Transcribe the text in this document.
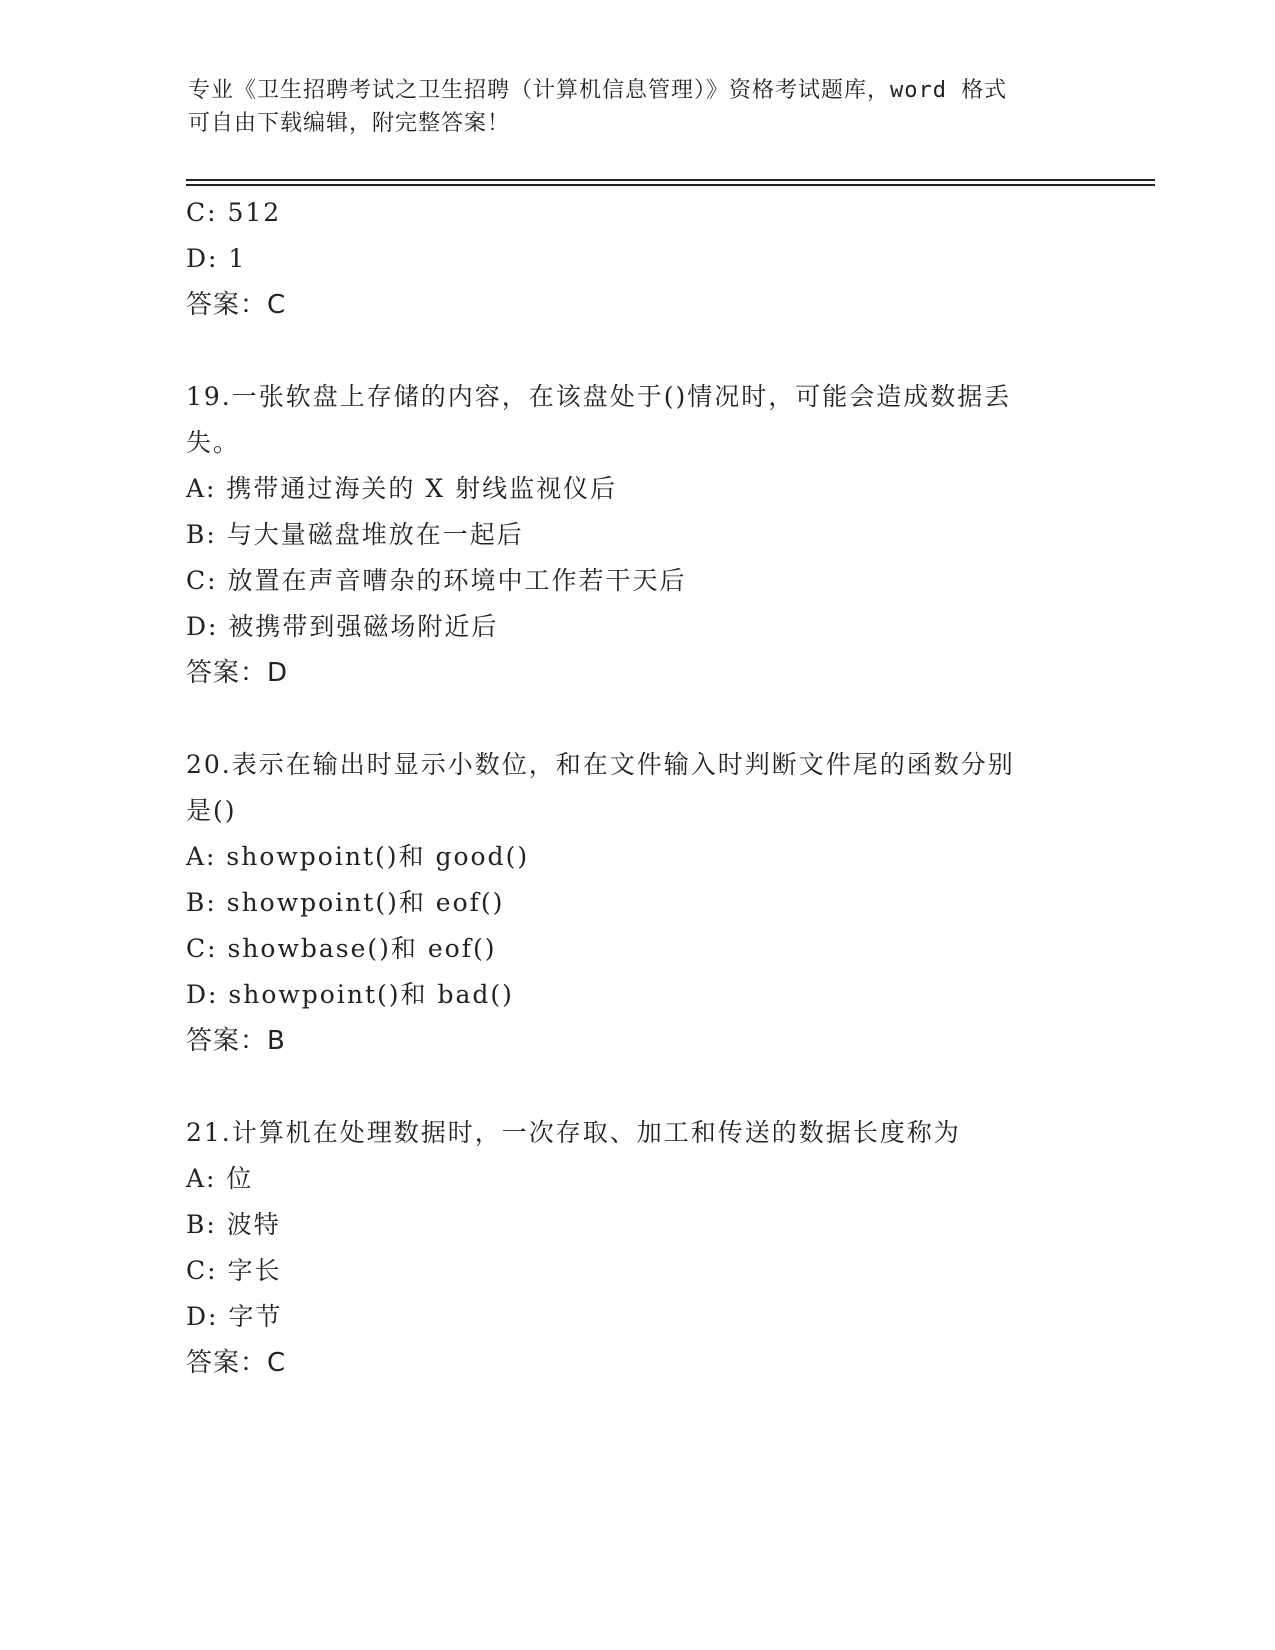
专业《卫生招聘考试之卫生招聘（计算机信息管理）》资格考试题库，word 格式
可自由下载编辑，附完整答案！
C: 512
D: 1
答案：C
19.一张软盘上存储的内容，在该盘处于()情况时，可能会造成数据丢
失。
A: 携带通过海关的 X 射线监视仪后
B: 与大量磁盘堆放在一起后
C: 放置在声音嘈杂的环境中工作若干天后
D: 被携带到强磁场附近后
答案：D
20.表示在输出时显示小数位，和在文件输入时判断文件尾的函数分别
是()
A: showpoint()和 good()
B: showpoint()和 eof()
C: showbase()和 eof()
D: showpoint()和 bad()
答案：B
21.计算机在处理数据时，一次存取、加工和传送的数据长度称为
A: 位
B: 波特
C: 字长
D: 字节
答案：C
